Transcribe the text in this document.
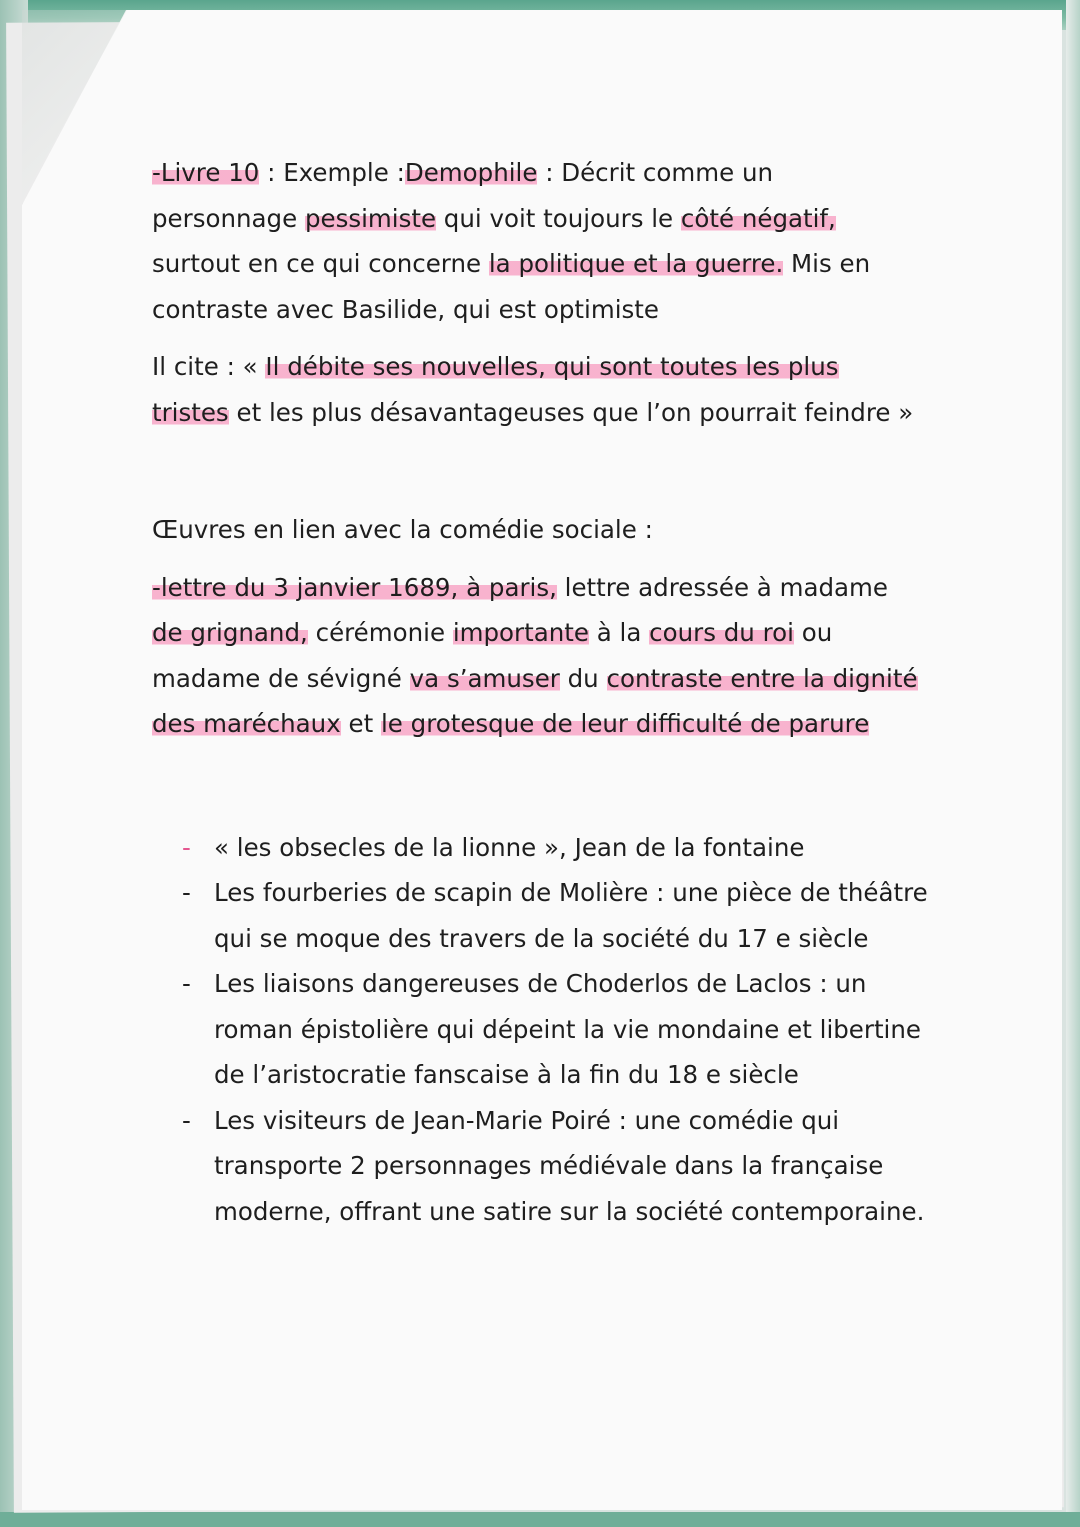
-Livre 10 : Exemple :Demophile : Décrit comme un
personnage pessimiste qui voit toujours le côté négatif,
surtout en ce qui concerne la politique et la guerre. Mis en
contraste avec Basilide, qui est optimiste

Il cite : « Il débite ses nouvelles, qui sont toutes les plus
tristes et les plus désavantageuses que l’on pourrait feindre »

Œuvres en lien avec la comédie sociale :

-lettre du 3 janvier 1689, à paris, lettre adressée à madame
de grignand, cérémonie importante à la cours du roi ou
madame de sévigné va s’amuser du contraste entre la dignité
des maréchaux et le grotesque de leur difficulté de parure

- « les obsecles de la lionne », Jean de la fontaine
- Les fourberies de scapin de Molière : une pièce de théâtre qui se moque des travers de la société du 17 e siècle
- Les liaisons dangereuses de Choderlos de Laclos : un roman épistolière qui dépeint la vie mondaine et libertine de l’aristocratie fanscaise à la fin du 18 e siècle
- Les visiteurs de Jean-Marie Poiré : une comédie qui transporte 2 personnages médiévale dans la française moderne, offrant une satire sur la société contemporaine.
